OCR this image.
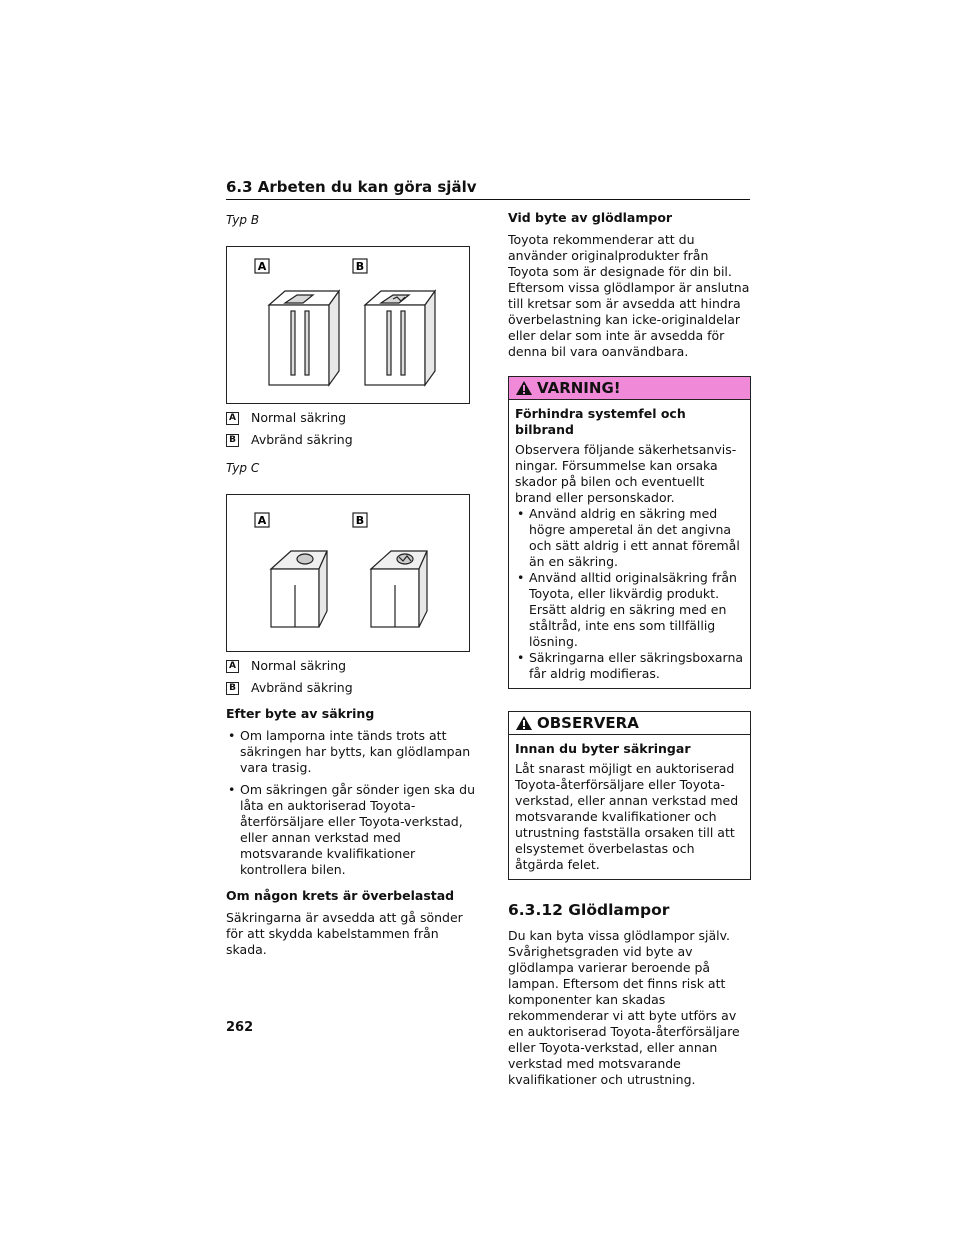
6.3 Arbeten du kan göra själv
Typ B
A	B
A Normal säkring
B Avbränd säkring
Typ C
A	B
A Normal säkring
B Avbränd säkring
Efter byte av säkring
• Om lamporna inte tänds trots att säkringen har bytts, kan glödlampan vara trasig.
• Om säkringen går sönder igen ska du låta en auktoriserad Toyota-återförsäljare eller Toyota-verkstad, eller annan verkstad med motsvarande kvalifikationer kontrollera bilen.
Om någon krets är överbelastad

Säkringarna är avsedda att gå sönder för att skydda kabelstammen från skada.

Vid byte av glödlampor

Toyota rekommenderar att du använder originalprodukter från Toyota som är designade för din bil. Eftersom vissa glödlampor är anslutna till kretsar som är avsedda att hindra överbelastning kan icke-originaldelar eller delar som inte är avsedda för denna bil vara oanvändbara.

VARNING!
Förhindra systemfel och bilbrand
Observera följande säkerhetsanvis-ningar. Försummelse kan orsaka skador på bilen och eventuellt brand eller personskador.
• Använd aldrig en säkring med högre amperetal än det angivna och sätt aldrig i ett annat föremål än en säkring.
• Använd alltid originalsäkring från Toyota, eller likvärdig produkt. Ersätt aldrig en säkring med en ståltråd, inte ens som tillfällig lösning.
• Säkringarna eller säkringsboxarna får aldrig modifieras.
OBSERVERA
Innan du byter säkringar
Låt snarast möjligt en auktoriserad Toyota-återförsäljare eller Toyota-verkstad, eller annan verkstad med motsvarande kvalifikationer och utrustning fastställa orsaken till att elsystemet överbelastas och åtgärda felet.
6.3.12 Glödlampor

Du kan byta vissa glödlampor själv. Svårighetsgraden vid byte av glödlampa varierar beroende på lampan. Eftersom det finns risk att komponenter kan skadas rekommenderar vi att byte utförs av en auktoriserad Toyota-återförsäljare eller Toyota-verkstad, eller annan verkstad med motsvarande kvalifikationer och utrustning.

262
